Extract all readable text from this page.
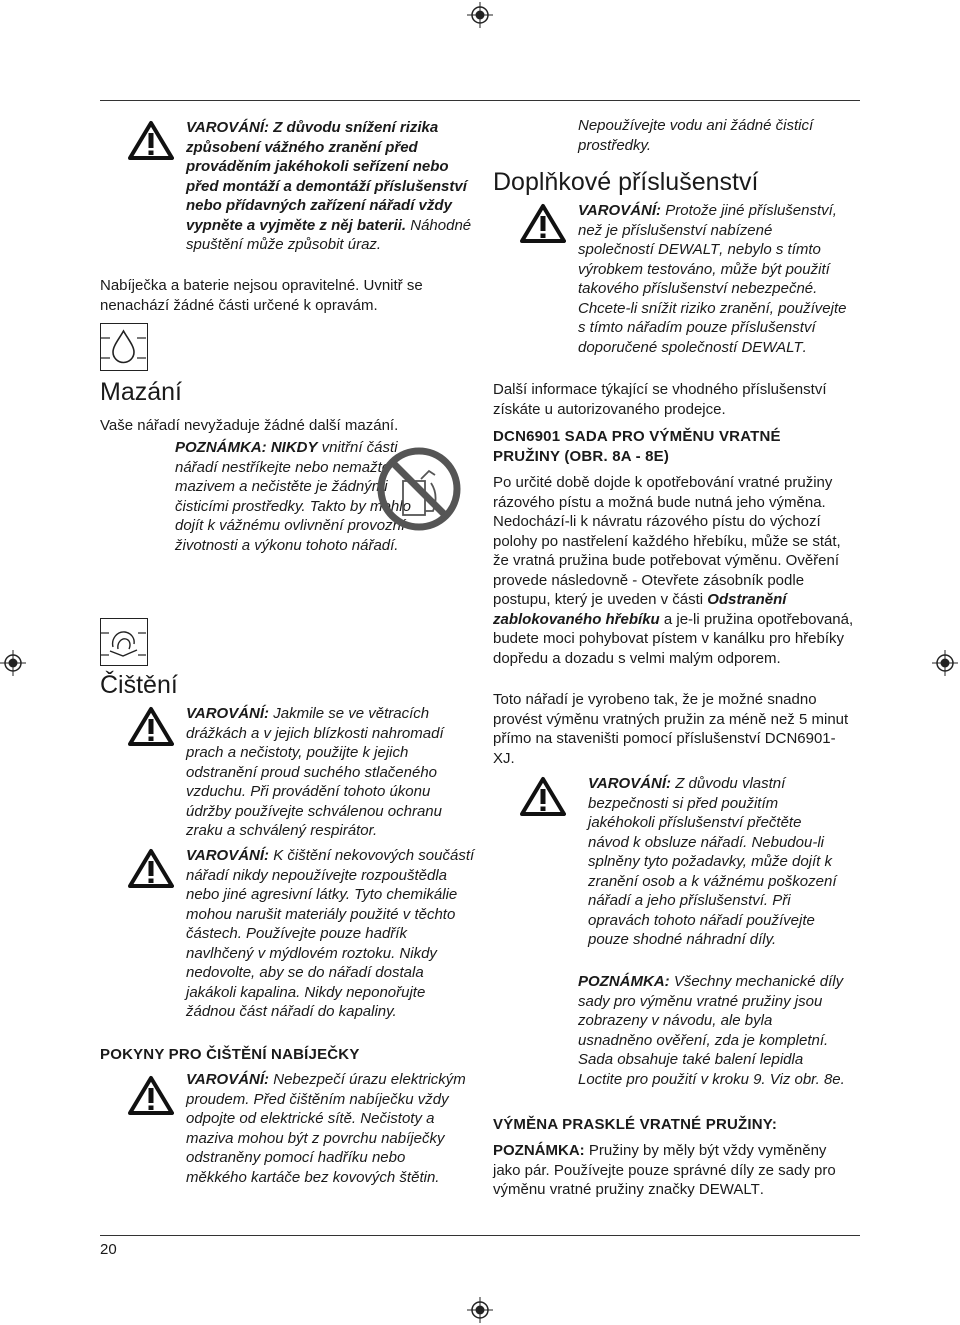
VAROVÁNÍ: Z důvodu snížení rizika způsobení vážného zranění před prováděním jakéhokoli seřízení nebo před montáží a demontáží příslušenství nebo přídavných zařízení nářadí vždy vypněte a vyjměte z něj baterii. Náhodné spuštění může způsobit úraz.

Nabíječka a baterie nejsou opravitelné. Uvnitř se nenachází žádné části určené k opravám.

Mazání

Vaše nářadí nevyžaduje žádné další mazání.

POZNÁMKA: NIKDY vnitřní části nářadí nestříkejte nebo nemažte mazivem a nečistěte je žádnými čisticími prostředky. Takto by mohlo dojít k vážnému ovlivnění provozní životnosti a výkonu tohoto nářadí.

Čištění

VAROVÁNÍ: Jakmile se ve větracích drážkách a v jejich blízkosti nahromadí prach a nečistoty, použijte k jejich odstranění proud suchého stlačeného vzduchu. Při provádění tohoto úkonu údržby používejte schválenou ochranu zraku a schválený respirátor.

VAROVÁNÍ: K čištění nekovových součástí nářadí nikdy nepoužívejte rozpouštědla nebo jiné agresivní látky. Tyto chemikálie mohou narušit materiály použité v těchto částech. Používejte pouze hadřík navlhčený v mýdlovém roztoku. Nikdy nedovolte, aby se do nářadí dostala jakákoli kapalina. Nikdy neponořujte žádnou část nářadí do kapaliny.

POKYNY PRO ČIŠTĚNÍ NABÍJEČKY

VAROVÁNÍ: Nebezpečí úrazu elektrickým proudem. Před čištěním nabíječku vždy odpojte od elektrické sítě. Nečistoty a maziva mohou být z povrchu nabíječky odstraněny pomocí hadříku nebo měkkého kartáče bez kovových štětin.

20

Nepoužívejte vodu ani žádné čisticí prostředky.

Doplňkové příslušenství

VAROVÁNÍ: Protože jiné příslušenství, než je příslušenství nabízené společností DEWALT, nebylo s tímto výrobkem testováno, může být použití takového příslušenství nebezpečné. Chcete-li snížit riziko zranění, používejte s tímto nářadím pouze příslušenství doporučené společností DEWALT.

Další informace týkající se vhodného příslušenství získáte u autorizovaného prodejce.

DCN6901 SADA PRO VÝMĚNU VRATNÉ PRUŽINY (OBR. 8A - 8E)

Po určité době dojde k opotřebování vratné pružiny rázového pístu a možná bude nutná jeho výměna. Nedochází-li k návratu rázového pístu do výchozí polohy po nastřelení každého hřebíku, může se stát, že vratná pružina bude potřebovat výměnu. Ověření provede následovně - Otevřete zásobník podle postupu, který je uveden v části Odstranění zablokovaného hřebíku a je-li pružina opotřebovaná, budete moci pohybovat pístem v kanálku pro hřebíky dopředu a dozadu s velmi malým odporem.

Toto nářadí je vyrobeno tak, že je možné snadno provést výměnu vratných pružin za méně než 5 minut přímo na staveništi pomocí příslušenství DCN6901-XJ.

VAROVÁNÍ: Z důvodu vlastní bezpečnosti si před použitím jakéhokoli příslušenství přečtěte návod k obsluze nářadí. Nebudou-li splněny tyto požadavky, může dojít k zranění osob a k vážnému poškození nářadí a jeho příslušenství. Při opravách tohoto nářadí používejte pouze shodné náhradní díly.

POZNÁMKA: Všechny mechanické díly sady pro výměnu vratné pružiny jsou zobrazeny v návodu, ale byla usnadněno ověření, zda je kompletní. Sada obsahuje také balení lepidla Loctite pro použití v kroku 9. Viz obr. 8e.

VÝMĚNA PRASKLÉ VRATNÉ PRUŽINY:

POZNÁMKA: Pružiny by měly být vždy vyměněny jako pár. Používejte pouze správné díly ze sady pro výměnu vratné pružiny značky DEWALT.
